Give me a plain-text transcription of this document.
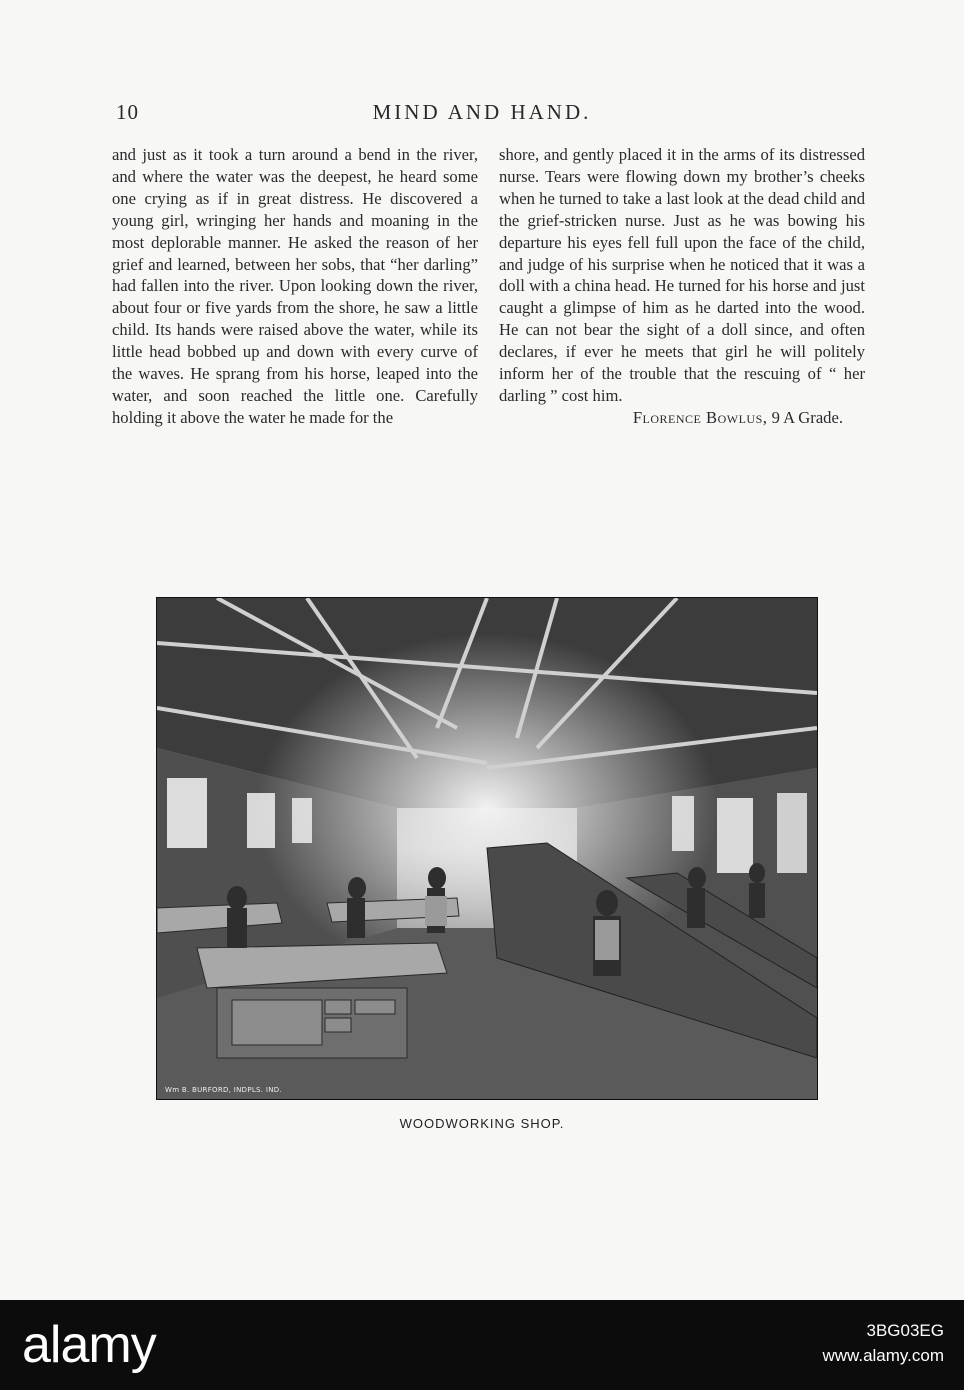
10	MIND AND HAND.

and just as it took a turn around a bend in the river, and where the water was the deepest, he heard some one crying as if in great distress. He discovered a young girl, wringing her hands and moaning in the most deplorable manner. He asked the reason of her grief and learned, between her sobs, that “her darling” had fallen into the river. Upon looking down the river, about four or five yards from the shore, he saw a little child. Its hands were raised above the water, while its little head bobbed up and down with every curve of the waves. He sprang from his horse, leaped into the water, and soon reached the little one. Carefully holding it above the water he made for the

shore, and gently placed it in the arms of its distressed nurse. Tears were flowing down my brother’s cheeks when he turned to take a last look at the dead child and the grief-stricken nurse. Just as he was bowing his departure his eyes fell full upon the face of the child, and judge of his surprise when he noticed that it was a doll with a china head. He turned for his horse and just caught a glimpse of him as he darted into the wood. He can not bear the sight of a doll since, and often declares, if ever he meets that girl he will politely inform her of the trouble that the rescuing of “ her darling ” cost him.

Florence Bowlus, 9 A Grade.
Wm B. BURFORD, INDPLS. IND.
WOODWORKING SHOP.
alamy	3BG03EG
www.alamy.com
